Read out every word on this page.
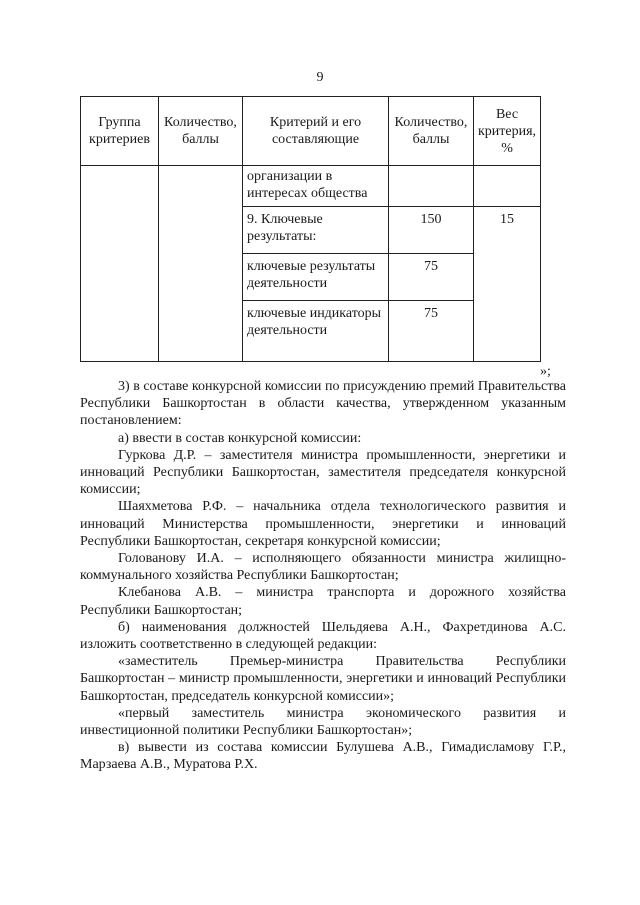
9
Группа критериев	Количество, баллы	Критерий и его составляющие	Количество, баллы	Вес критерия, %
		организации в интересах общества		
		9. Ключевые результаты:	150	15
		ключевые результаты деятельности	75	
		ключевые индикаторы деятельности	75	
»;

3) в составе конкурсной комиссии по присуждению премий Правительства Республики Башкортостан в области качества, утвержденном указанным постановлением:

а) ввести в состав конкурсной комиссии:

Гуркова Д.Р. – заместителя министра промышленности, энергетики и инноваций Республики Башкортостан, заместителя председателя конкурсной комиссии;

Шаяхметова Р.Ф. – начальника отдела технологического развития и инноваций Министерства промышленности, энергетики и инноваций Республики Башкортостан, секретаря конкурсной комиссии;

Голованову И.А. – исполняющего обязанности министра жилищно-коммунального хозяйства Республики Башкортостан;

Клебанова А.В. – министра транспорта и дорожного хозяйства Республики Башкортостан;

б) наименования должностей Шельдяева А.Н., Фахретдинова А.С. изложить соответственно в следующей редакции:

«заместитель Премьер-министра Правительства Республики Башкортостан – министр промышленности, энергетики и инноваций Республики Башкортостан, председатель конкурсной комиссии»;

«первый заместитель министра экономического развития и инвестиционной политики Республики Башкортостан»;

в) вывести из состава комиссии Булушева А.В., Гимадисламову Г.Р., Марзаева А.В., Муратова Р.Х.
